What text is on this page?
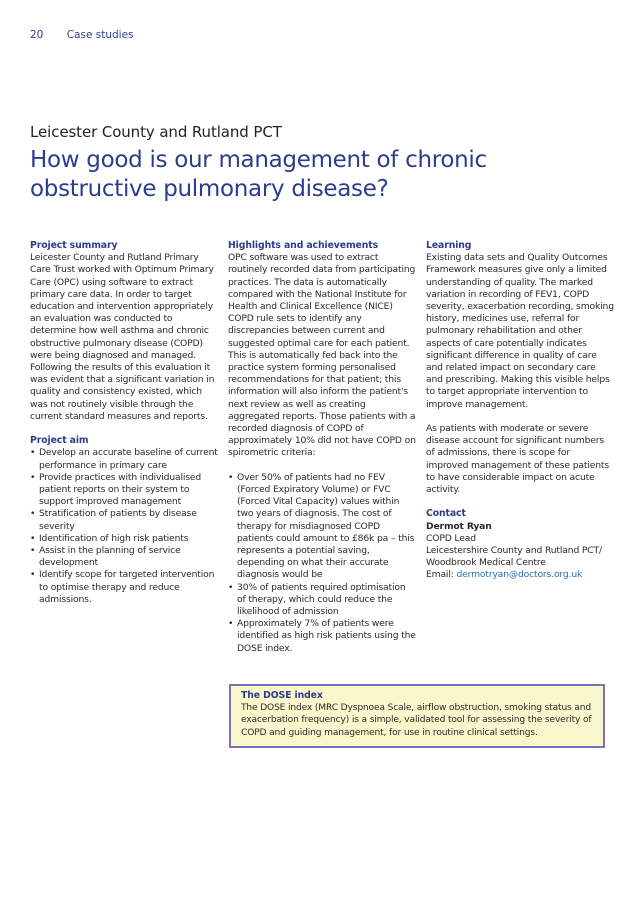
20 Case studies
Leicester County and Rutland PCT
How good is our management of chronic obstructive pulmonary disease?
Project summary

Leicester County and Rutland Primary Care Trust worked with Optimum Primary Care (OPC) using software to extract primary care data. In order to target education and intervention appropriately an evaluation was conducted to determine how well asthma and chronic obstructive pulmonary disease (COPD) were being diagnosed and managed. Following the results of this evaluation it was evident that a significant variation in quality and consistency existed, which was not routinely visible through the current standard measures and reports.

Project aim
• Develop an accurate baseline of current performance in primary care
• Provide practices with individualised patient reports on their system to support improved management
• Stratification of patients by disease severity
• Identification of high risk patients
• Assist in the planning of service development
• Identify scope for targeted intervention to optimise therapy and reduce admissions.
Highlights and achievements

OPC software was used to extract routinely recorded data from participating practices. The data is automatically compared with the National Institute for Health and Clinical Excellence (NICE) COPD rule sets to identify any discrepancies between current and suggested optimal care for each patient. This is automatically fed back into the practice system forming personalised recommendations for that patient; this information will also inform the patient's next review as well as creating aggregated reports. Those patients with a recorded diagnosis of COPD of approximately 10% did not have COPD on spirometric criteria:

• Over 50% of patients had no FEV (Forced Expiratory Volume) or FVC (Forced Vital Capacity) values within two years of diagnosis. The cost of therapy for misdiagnosed COPD patients could amount to £86k pa – this represents a potential saving, depending on what their accurate diagnosis would be
• 30% of patients required optimisation of therapy, which could reduce the likelihood of admission
• Approximately 7% of patients were identified as high risk patients using the DOSE index.
Learning

Existing data sets and Quality Outcomes Framework measures give only a limited understanding of quality. The marked variation in recording of FEV1, COPD severity, exacerbation recording, smoking history, medicines use, referral for pulmonary rehabilitation and other aspects of care potentially indicates significant difference in quality of care and related impact on secondary care and prescribing. Making this visible helps to target appropriate intervention to improve management.

As patients with moderate or severe disease account for significant numbers of admissions, there is scope for improved management of these patients to have considerable impact on acute activity.

Contact

Dermot Ryan

COPD Lead

Leicestershire County and Rutland PCT/ Woodbrook Medical Centre

Email: dermotryan@doctors.org.uk

The DOSE index

The DOSE index (MRC Dyspnoea Scale, airflow obstruction, smoking status and exacerbation frequency) is a simple, validated tool for assessing the severity of COPD and guiding management, for use in routine clinical settings.
